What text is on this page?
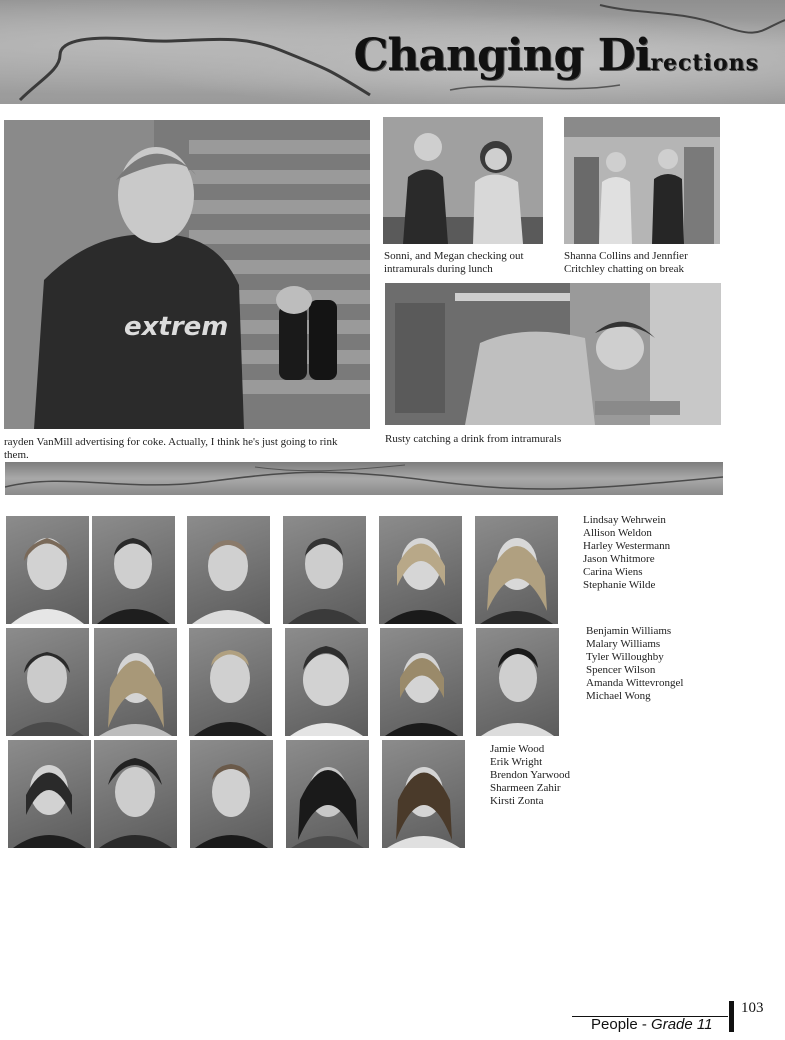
Changing Directions
extrem
rayden VanMill advertising for coke. Actually, I think he's just going to rink them.
Sonni, and Megan checking out intramurals during lunch
Shanna Collins and Jennfier Critchley chatting on break
Rusty catching a drink from intramurals
Lindsay Wehrwein
Allison Weldon
Harley Westermann
Jason Whitmore
Carina Wiens
Stephanie Wilde
Benjamin Williams
Malary Williams
Tyler Willoughby
Spencer Wilson
Amanda Wittevrongel
Michael Wong
Jamie Wood
Erik Wright
Brendon Yarwood
Sharmeen Zahir
Kirsti Zonta
103
People - Grade 11
